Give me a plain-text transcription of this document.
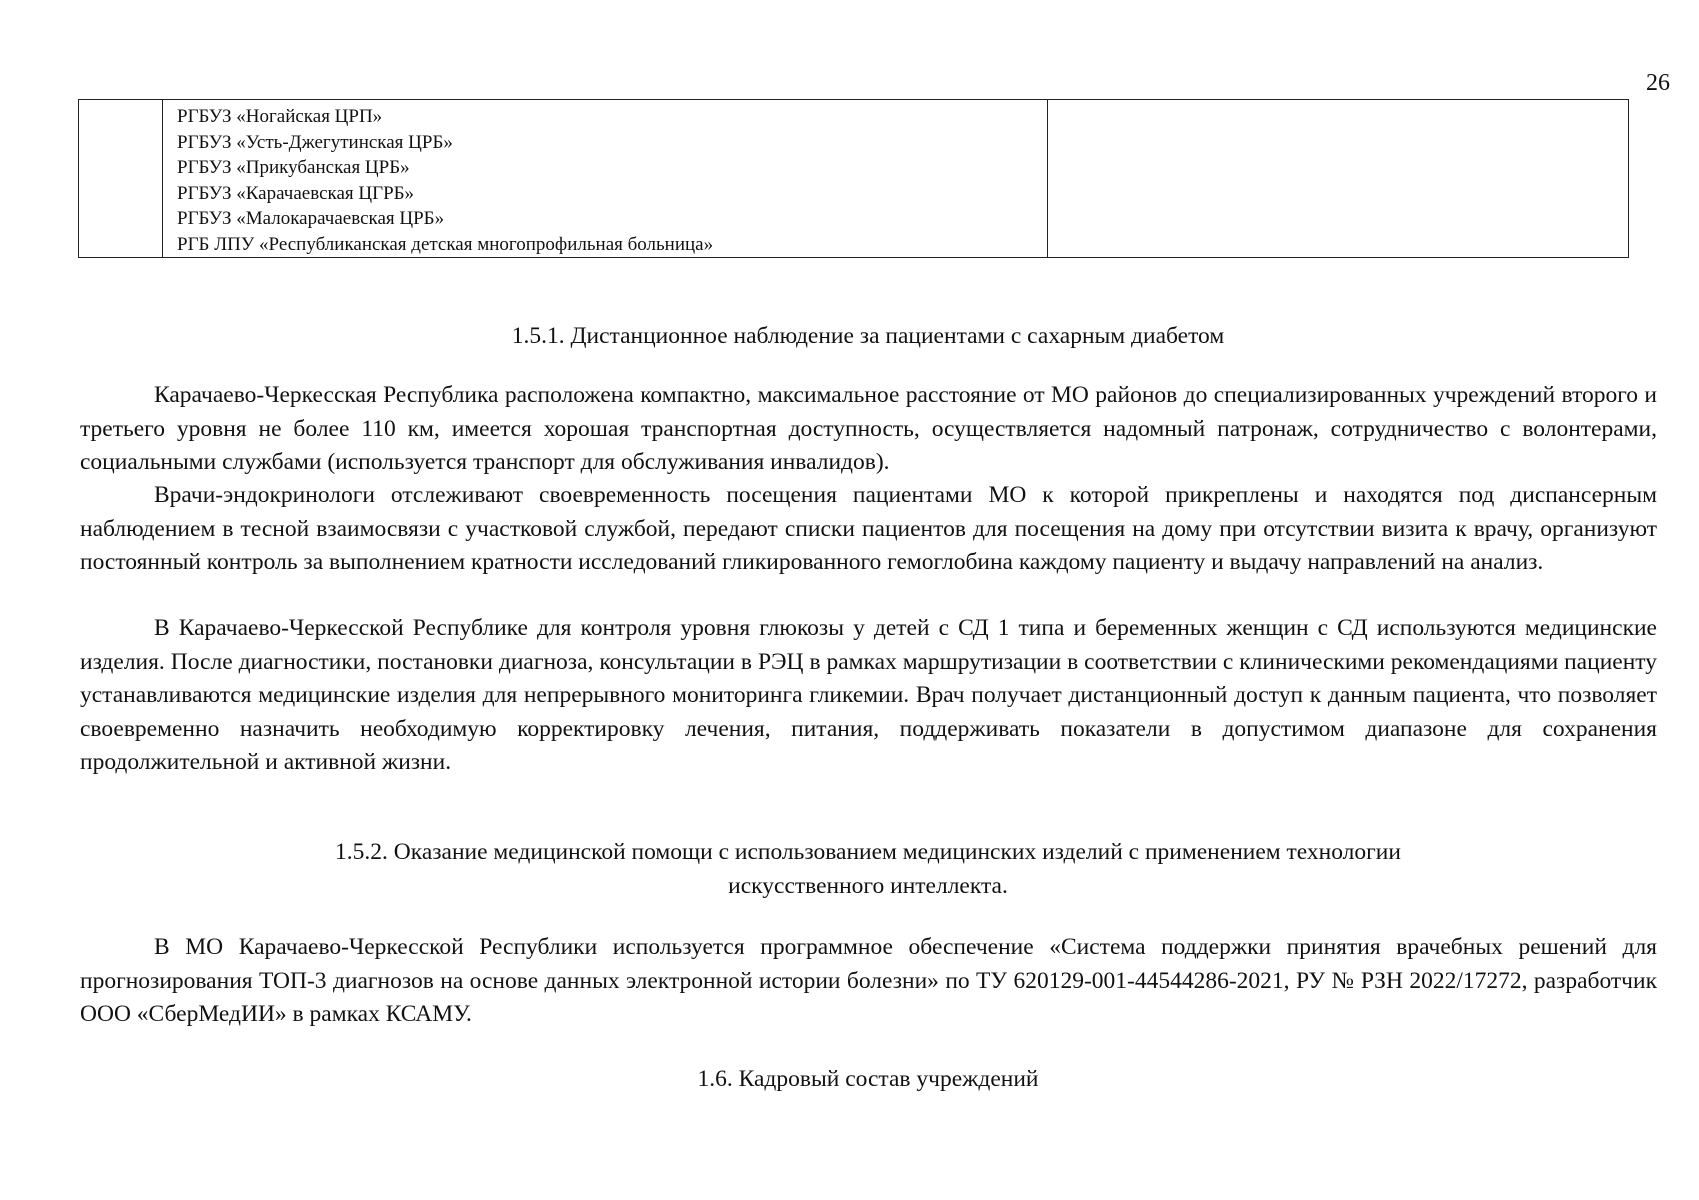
26

РГБУЗ «Ногайская ЦРП»
РГБУЗ «Усть-Джегутинская ЦРБ»
РГБУЗ «Прикубанская ЦРБ»
РГБУЗ «Карачаевская ЦГРБ»
РГБУЗ «Малокарачаевская ЦРБ»
РГБ ЛПУ «Республиканская детская многопрофильная больница»

1.5.1. Дистанционное наблюдение за пациентами с сахарным диабетом

Карачаево-Черкесская Республика расположена компактно, максимальное расстояние от МО районов до специализированных учреждений второго и третьего уровня не более 110 км, имеется хорошая транспортная доступность, осуществляется надомный патронаж, сотрудничество с волонтерами, социальными службами (используется транспорт для обслуживания инвалидов).

Врачи-эндокринологи отслеживают своевременность посещения пациентами МО к которой прикреплены и находятся под диспансерным наблюдением в тесной взаимосвязи с участковой службой, передают списки пациентов для посещения на дому при отсутствии визита к врачу, организуют постоянный контроль за выполнением кратности исследований гликированного гемоглобина каждому пациенту и выдачу направлений на анализ.

В Карачаево-Черкесской Республике для контроля уровня глюкозы у детей с СД 1 типа и беременных женщин с СД используются медицинские изделия. После диагностики, постановки диагноза, консультации в РЭЦ в рамках маршрутизации в соответствии с клиническими рекомендациями пациенту устанавливаются медицинские изделия для непрерывного мониторинга гликемии. Врач получает дистанционный доступ к данным пациента, что позволяет своевременно назначить необходимую корректировку лечения, питания, поддерживать показатели в допустимом диапазоне для сохранения продолжительной и активной жизни.

1.5.2. Оказание медицинской помощи с использованием медицинских изделий с применением технологии
искусственного интеллекта.

В МО Карачаево-Черкесской Республики используется программное обеспечение «Система поддержки принятия врачебных решений для прогнозирования ТОП-3 диагнозов на основе данных электронной истории болезни» по ТУ 620129-001-44544286-2021, РУ № РЗН 2022/17272, разработчик ООО «СберМедИИ» в рамках КСАМУ.

1.6. Кадровый состав учреждений
